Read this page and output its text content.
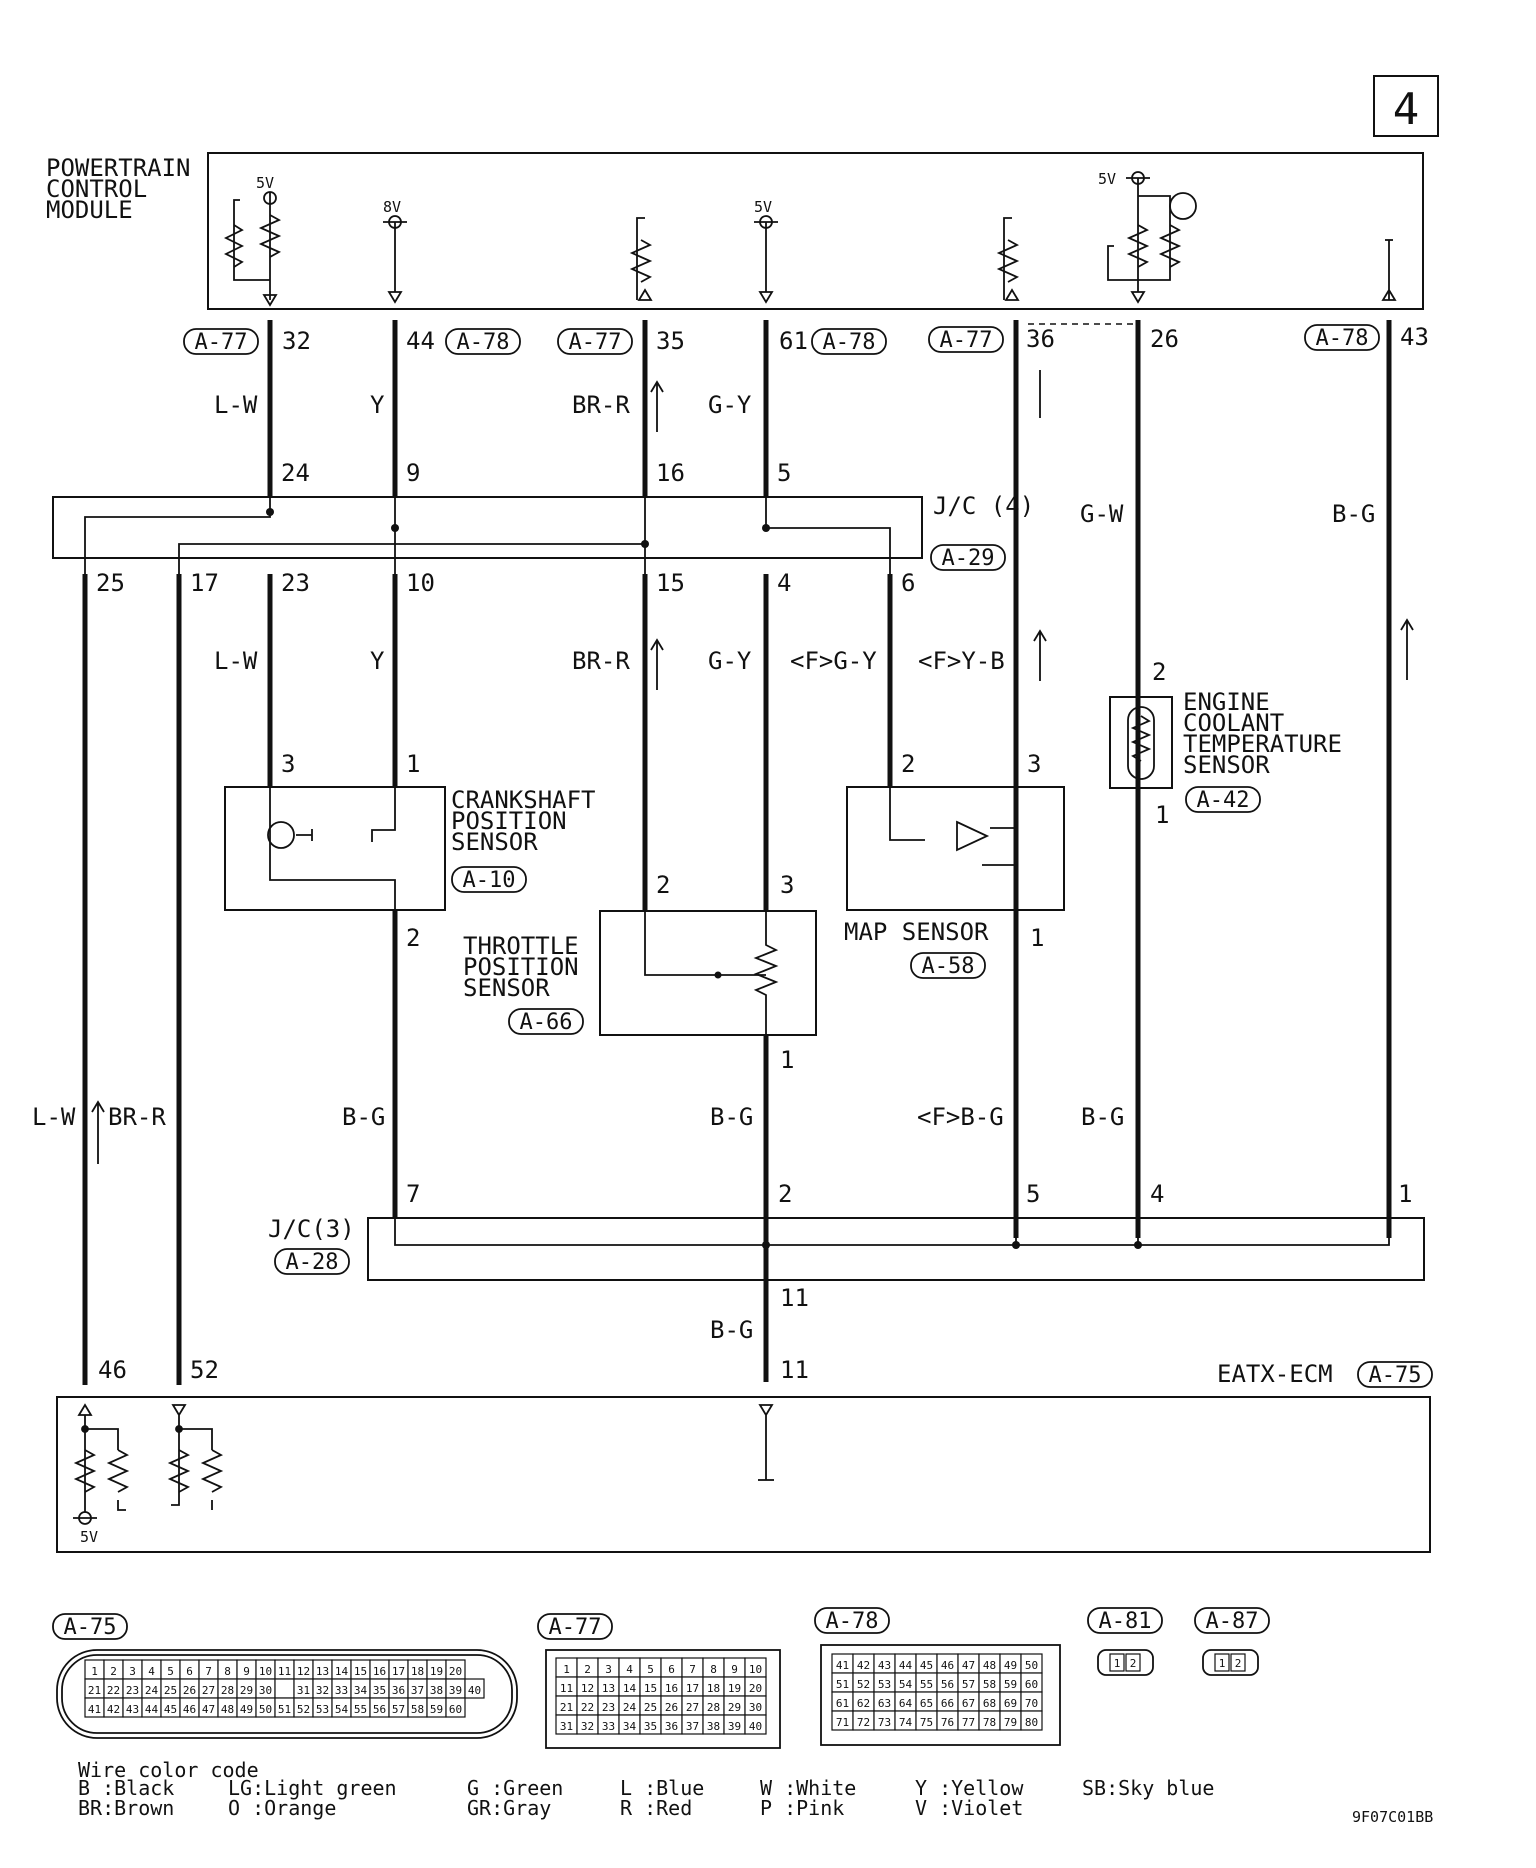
4
POWERTRAIN CONTROL MODULE
5V
8V	5V
5V
A-77 32	44 A-78	A-77 35	61 A-78	A-77 36	26	A-78 43
L-W	Y	BR-R	G-Y
G-W	B-G
J/C (4)
A-29
24	9	16	5
25	17	23	10	15	4	6
L-W	Y	BR-R	G-Y <F>G-Y <F>Y-B
CRANKSHAFT POSITION SENSOR
A-10
3	1
2 THROTTLE POSITION SENSOR
A-66
2	3
1
MAP SENSOR
A-58
2	3
1
ENGINE COOLANT TEMPERATURE SENSOR
A-42
2
1
L-W BR-R	B-G	B-G	<F>B-G	B-G
J/C(3)
A-28
7	2	5	4	1
11
B-G
EATX-ECM A-75
46	52	11
5V
A-75
1 2 3 4 5 6 7 8 9 10 11 12 13 14 15 16 17 18 19 20
21 22 23 24 25 26 27 28 29 30 31 32 33 34 35 36 37 38 39 40
41 42 43 44 45 46 47 48 49 50 51 52 53 54 55 56 57 58 59 60
A-77
1 2 3 4 5 6 7 8 9 10
11 12 13 14 15 16 17 18 19 20
21 22 23 24 25 26 27 28 29 30
31 32 33 34 35 36 37 38 39 40
A-78
41 42 43 44 45 46 47 48 49 50
51 52 53 54 55 56 57 58 59 60
61 62 63 64 65 66 67 68 69 70
71 72 73 74 75 76 77 78 79 80
A-81
1 2
A-87
1 2
Wire color code
B :Black
BR:Brown
LG:Light green
O :Orange
G :Green
GR:Gray
L :Blue
R :Red
W :White
P :Pink
Y :Yellow
V :Violet
SB:Sky blue
9F07C01BB
